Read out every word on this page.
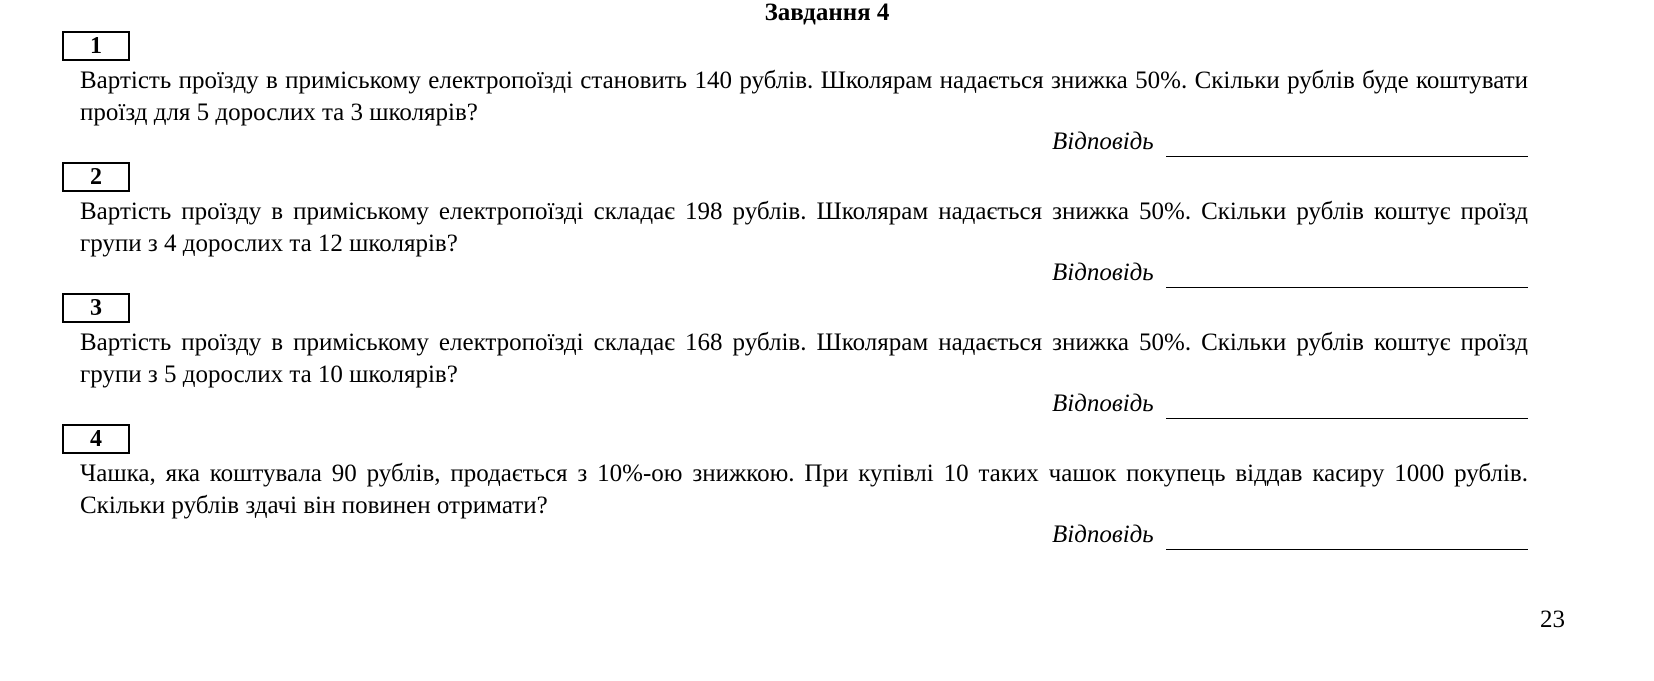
Завдання 4
1
Вартість проїзду в приміському електропоїзді становить 140 рублів. Школярам надається знижка 50%. Скільки рублів буде коштувати проїзд для 5 дорослих та 3 школярів?
Відповідь
2
Вартість проїзду в приміському електропоїзді складає 198 рублів. Школярам надається знижка 50%. Скільки рублів коштує проїзд групи з 4 дорослих та 12 школярів?
Відповідь
3
Вартість проїзду в приміському електропоїзді складає 168 рублів. Школярам надається знижка 50%. Скільки рублів коштує проїзд групи з 5 дорослих та 10 школярів?
Відповідь
4
Чашка, яка коштувала 90 рублів, продається з 10%-ою знижкою. При купівлі 10 таких чашок покупець віддав касиру 1000 рублів. Скільки рублів здачі він повинен отримати?
Відповідь
23
